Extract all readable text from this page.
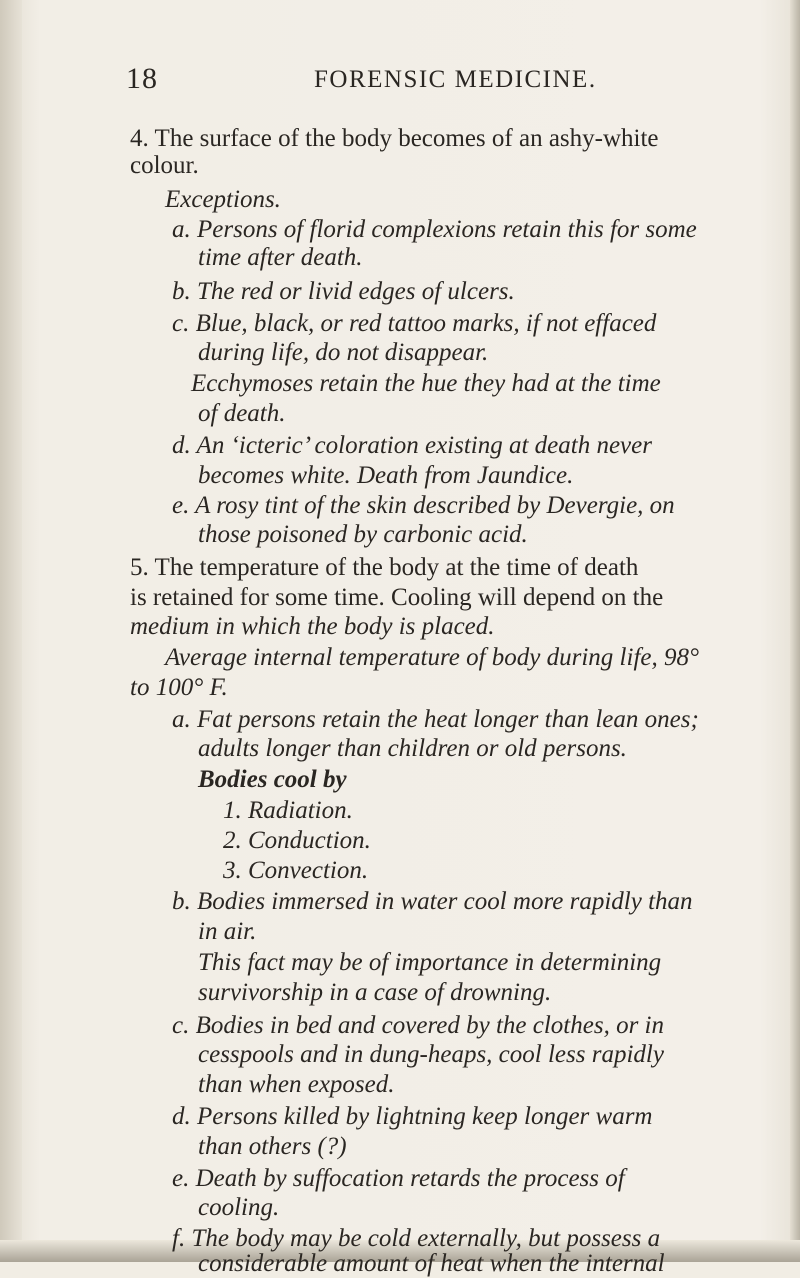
18	FORENSIC MEDICINE.
4. The surface of the body becomes of an ashy-white
colour.
Exceptions.
a. Persons of florid complexions retain this for some
time after death.
b. The red or livid edges of ulcers.
c. Blue, black, or red tattoo marks, if not effaced
during life, do not disappear.
Ecchymoses retain the hue they had at the time
of death.
d. An ‘icteric’ coloration existing at death never
becomes white. Death from Jaundice.
e. A rosy tint of the skin described by Devergie, on
those poisoned by carbonic acid.
5. The temperature of the body at the time of death
is retained for some time. Cooling will depend on the
medium in which the body is placed.
Average internal temperature of body during life, 98°
to 100° F.
a. Fat persons retain the heat longer than lean ones;
adults longer than children or old persons.
Bodies cool by
1. Radiation.
2. Conduction.
3. Convection.
b. Bodies immersed in water cool more rapidly than
in air.
This fact may be of importance in determining
survivorship in a case of drowning.
c. Bodies in bed and covered by the clothes, or in
cesspools and in dung-heaps, cool less rapidly
than when exposed.
d. Persons killed by lightning keep longer warm
than others (?)
e. Death by suffocation retards the process of
cooling.
f. The body may be cold externally, but possess a
considerable amount of heat when the internal
